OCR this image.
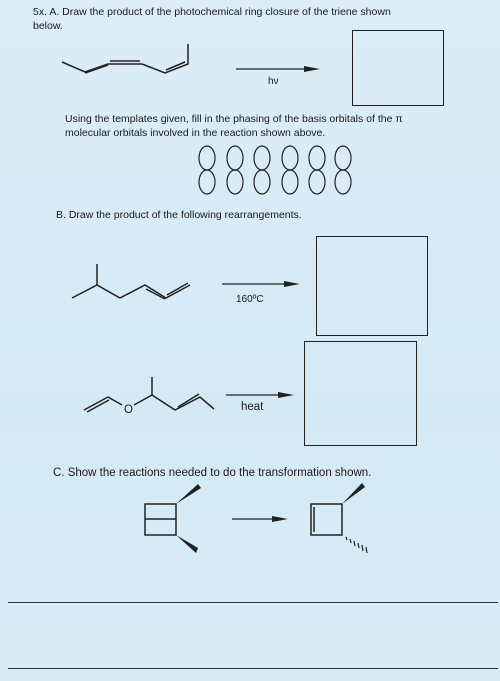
5x. A. Draw the product of the photochemical ring closure of the triene shown
below.
hν
Using the templates given, fill in the phasing of the basis orbitals of the π
molecular orbitals involved in the reaction shown above.
B. Draw the product of the following rearrangements.
160ºC
O	heat
C. Show the reactions needed to do the transformation shown.
